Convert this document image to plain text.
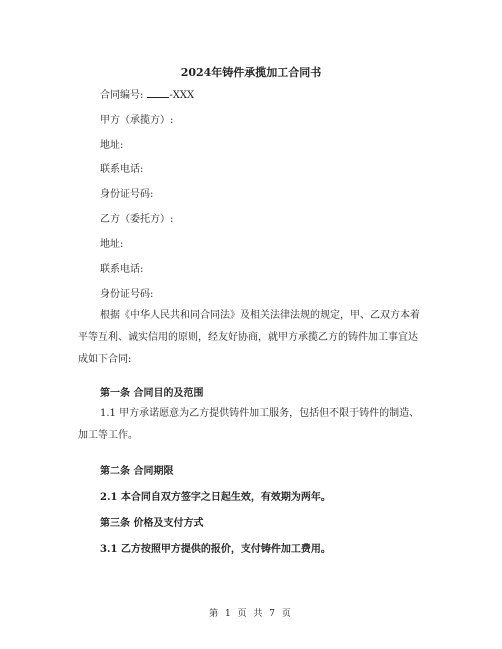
2024年铸件承揽加工合同书
合同编号:	-XXX
甲方（承揽方）:
地址:
联系电话:
身份证号码:
乙方（委托方）:
地址:
联系电话:
身份证号码:
根据《中华人民共和同合同法》及相关法律法规的规定，甲、乙双方本着平等互利、诚实信用的原则，经友好协商，就甲方承揽乙方的铸件加工事宜达成如下合同:
第一条 合同目的及范围
1.1 甲方承诺愿意为乙方提供铸件加工服务，包括但不限于铸件的制造、加工等工作。
第二条 合同期限
2.1 本合同自双方签字之日起生效，有效期为两年。
第三条 价格及支付方式
3.1 乙方按照甲方提供的报价，支付铸件加工费用。
第 1 页 共 7 页
